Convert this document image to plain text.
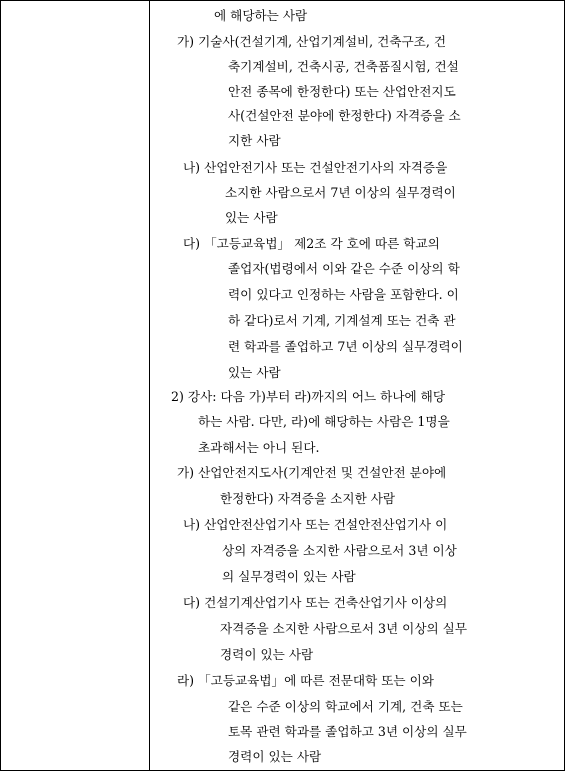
에 해당하는 사람
가) 기술사(건설기계, 산업기계설비, 건축구조, 건
축기계설비, 건축시공, 건축품질시험, 건설
안전 종목에 한정한다) 또는 산업안전지도
사(건설안전 분야에 한정한다) 자격증을 소
지한 사람
나) 산업안전기사 또는 건설안전기사의 자격증을
소지한 사람으로서 7년 이상의 실무경력이
있는 사람
다) 「고등교육법」 제2조 각 호에 따른 학교의
졸업자(법령에서 이와 같은 수준 이상의 학
력이 있다고 인정하는 사람을 포함한다. 이
하 같다)로서 기계, 기계설계 또는 건축 관
련 학과를 졸업하고 7년 이상의 실무경력이
있는 사람
2) 강사: 다음 가)부터 라)까지의 어느 하나에 해당
하는 사람. 다만, 라)에 해당하는 사람은 1명을
초과해서는 아니 된다.
가) 산업안전지도사(기계안전 및 건설안전 분야에
한정한다) 자격증을 소지한 사람
나) 산업안전산업기사 또는 건설안전산업기사 이
상의 자격증을 소지한 사람으로서 3년 이상
의 실무경력이 있는 사람
다) 건설기계산업기사 또는 건축산업기사 이상의
자격증을 소지한 사람으로서 3년 이상의 실무
경력이 있는 사람
라) 「고등교육법」에 따른 전문대학 또는 이와
같은 수준 이상의 학교에서 기계, 건축 또는
토목 관련 학과를 졸업하고 3년 이상의 실무
경력이 있는 사람
